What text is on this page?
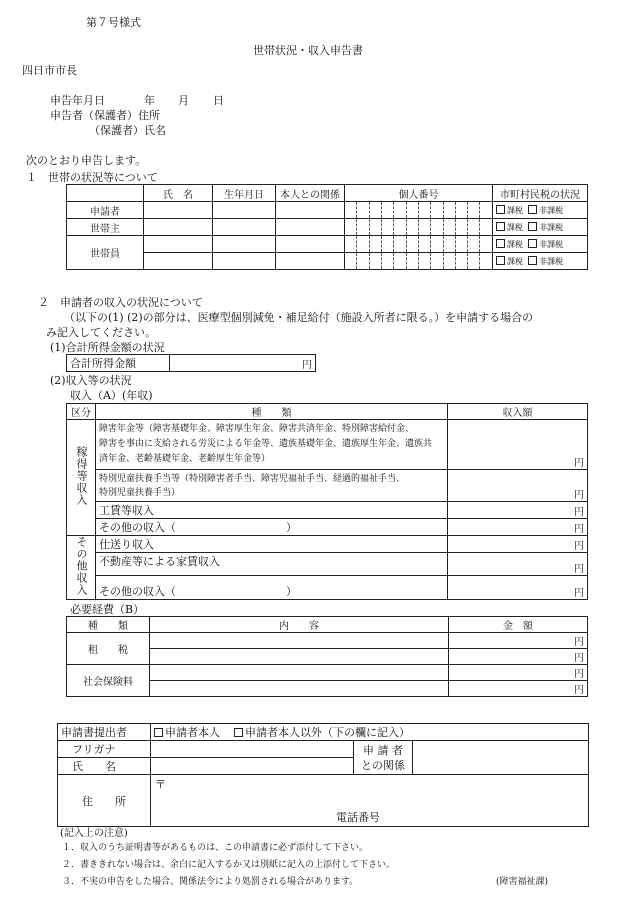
第７号様式
世帯状況・収入申告書
四日市市長
申告年月日	年 月 日
申告者（保護者）住所
（保護者）氏名
次のとおり申告します。
１　世帯の状況等について
	氏　名	生年月日	本人との関係	個人番号												市町村民税の状況
申請者																課税 非課税
世帯主																課税 非課税
世帯員																課税 非課税
																課税 非課税
２　申請者の収入の状況について
（以下の(1) (2)の部分は、医療型個別減免・補足給付（施設入所者に限る。）を申請する場合の
み記入してください。
(1)合計所得金額の状況
合計所得金額	円
(2)収入等の状況
収入（A）(年収)
区分	種　　類	収入額
稼得等収入	障害年金等（障害基礎年金、障害厚生年金、障害共済年金、特別障害給付金、
障害を事由に支給される労災による年金等、遺族基礎年金、遺族厚生年金、遺族共
済年金、老齢基礎年金、老齢厚生年金等）	円

	特別児童扶養手当等（特別障害者手当、障害児福祉手当、経過的福祉手当、
特別児童扶養手当）	円
	工賃等収入	円
	その他の収入（　　　　　　　　　　）	円
その他収入	仕送り収入	円
	不動産等による家賃収入	円
	その他の収入（　　　　　　　　　　）	円
必要経費（B）
種　　類	内　　容	金　額
租　　税		円
		円

社会保険料		円
		円
申請書提出者	申請者本人 申請者本人以外（下の欄に記入）		
フリガナ		申 請 者
との関係	

氏　　名			
住　　所	〒
電話番号		
(記入上の注意)
１．収入のうち証明書等があるものは、この申請書に必ず添付して下さい。
２．書ききれない場合は、余白に記入するか又は別紙に記入の上添付して下さい。
３．不実の申告をした場合、関係法令により処罰される場合があります。	(障害福祉課)
